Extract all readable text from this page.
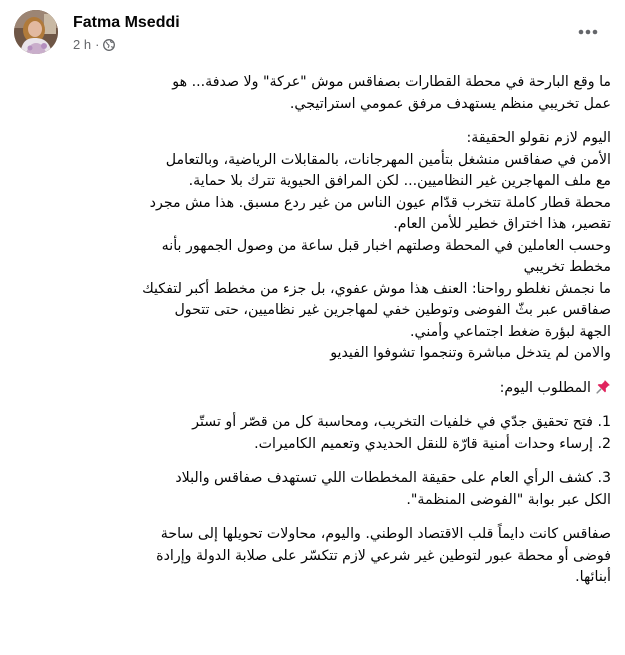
Fatma Mseddi
2 h ·

ما وقع البارحة في محطة القطارات بصفاقس موش "عركة" ولا صدفة... هو
عمل تخريبي منظم يستهدف مرفق عمومي استراتيجي.

اليوم لازم نقولو الحقيقة:
الأمن في صفاقس منشغل بتأمين المهرجانات، بالمقابلات الرياضية، وبالتعامل
مع ملف المهاجرين غير النظاميين... لكن المرافق الحيوية تترك بلا حماية.
محطة قطار كاملة تتخرب قدّام عيون الناس من غير ردع مسبق. هذا مش مجرد
تقصير، هذا اختراق خطير للأمن العام.
وحسب العاملين في المحطة وصلتهم اخبار قبل ساعة من وصول الجمهور بأنه
مخطط تخريبي
ما نجمش نغلطو رواحنا: العنف هذا موش عفوي، بل جزء من مخطط أكبر لتفكيك
صفاقس عبر بثّ الفوضى وتوطين خفي لمهاجرين غير نظاميين، حتى تتحول
الجهة لبؤرة ضغط اجتماعي وأمني.
والامن لم يتدخل مباشرة وتنجموا تشوفوا الفيديو

المطلوب اليوم:

1. فتح تحقيق جدّي في خلفيات التخريب، ومحاسبة كل من قصّر أو تستّر
2. إرساء وحدات أمنية قارّة للنقل الحديدي وتعميم الكاميرات.

3. كشف الرأي العام على حقيقة المخططات اللي تستهدف صفاقس والبلاد
الكل عبر بوابة "الفوضى المنظمة".

صفاقس كانت دايماً قلب الاقتصاد الوطني. واليوم، محاولات تحويلها إلى ساحة
فوضى أو محطة عبور لتوطين غير شرعي لازم تتكسّر على صلابة الدولة وإرادة
أبنائها.
